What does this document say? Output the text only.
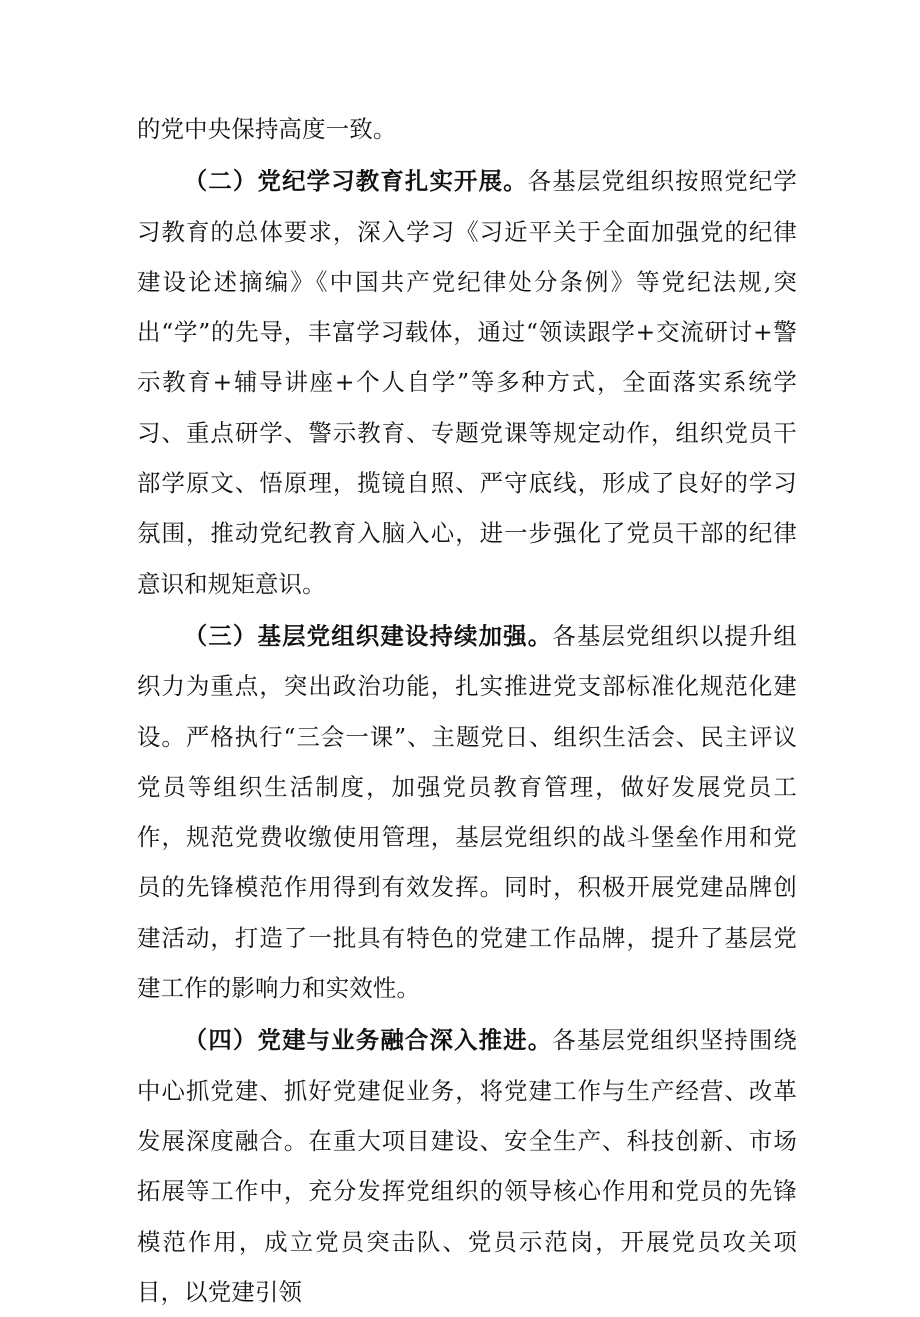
的党中央保持高度一致。

（二）党纪学习教育扎实开展。各基层党组织按照党纪学习教育的总体要求，深入学习《习近平关于全面加强党的纪律建设论述摘编》《中国共产党纪律处分条例》等党纪法规,突出“学”的先导，丰富学习载体，通过“领读跟学+交流研讨+警示教育+辅导讲座+个人自学”等多种方式，全面落实系统学习、重点研学、警示教育、专题党课等规定动作，组织党员干部学原文、悟原理，揽镜自照、严守底线，形成了良好的学习氛围，推动党纪教育入脑入心，进一步强化了党员干部的纪律意识和规矩意识。

（三）基层党组织建设持续加强。各基层党组织以提升组织力为重点，突出政治功能，扎实推进党支部标准化规范化建设。严格执行“三会一课”、主题党日、组织生活会、民主评议党员等组织生活制度，加强党员教育管理，做好发展党员工作，规范党费收缴使用管理，基层党组织的战斗堡垒作用和党员的先锋模范作用得到有效发挥。同时，积极开展党建品牌创建活动，打造了一批具有特色的党建工作品牌，提升了基层党建工作的影响力和实效性。

（四）党建与业务融合深入推进。各基层党组织坚持围绕中心抓党建、抓好党建促业务，将党建工作与生产经营、改革发展深度融合。在重大项目建设、安全生产、科技创新、市场拓展等工作中，充分发挥党组织的领导核心作用和党员的先锋模范作用，成立党员突击队、党员示范岗，开展党员攻关项目，以党建引领
